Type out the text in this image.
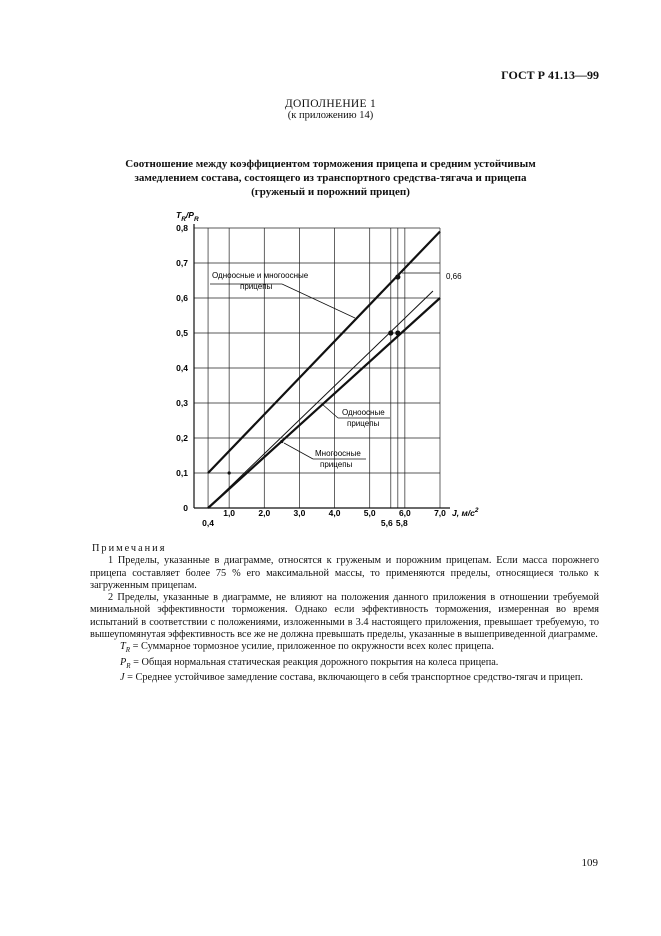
ГОСТ Р 41.13—99
ДОПОЛНЕНИЕ 1
(к приложению 14)
Соотношение между коэффициентом торможения прицепа и средним устойчивым
замедлением состава, состоящего из транспортного средства-тягача и прицепа
(груженый и порожний прицеп)
0
0,1
0,2
0,3
0,4
0,5
0,6
0,7
0,8
0,4
1,0	2,0	3,0	4,0	5,0
5,6 5,8
6,0	7,0
$T_R/P_R$
J, $м/с^2$
Одноосные и многоосные
прицепы
Одноосные
прицепы
Многоосные
прицепы
0,66
Примечания

1 Пределы, указанные в диаграмме, относятся к груженым и порожним прицепам. Если масса порожнего прицепа составляет более 75 % его максимальной массы, то применяются пределы, относящиеся только к загруженным прицепам.

2 Пределы, указанные в диаграмме, не влияют на положения данного приложения в отношении требуемой минимальной эффективности торможения. Однако если эффективность торможения, измеренная во время испытаний в соответствии с положениями, изложенными в 3.4 настоящего приложения, превышает требуемую, то вышеупомянутая эффективность все же не должна превышать пределы, указанные в вышеприведенной диаграмме.

$T_R$ = Суммарное тормозное усилие, приложенное по окружности всех колес прицепа.

$P_R$ = Общая нормальная статическая реакция дорожного покрытия на колеса прицепа.

J = Среднее устойчивое замедление состава, включающего в себя транспортное средство-тягач и прицеп.

109
